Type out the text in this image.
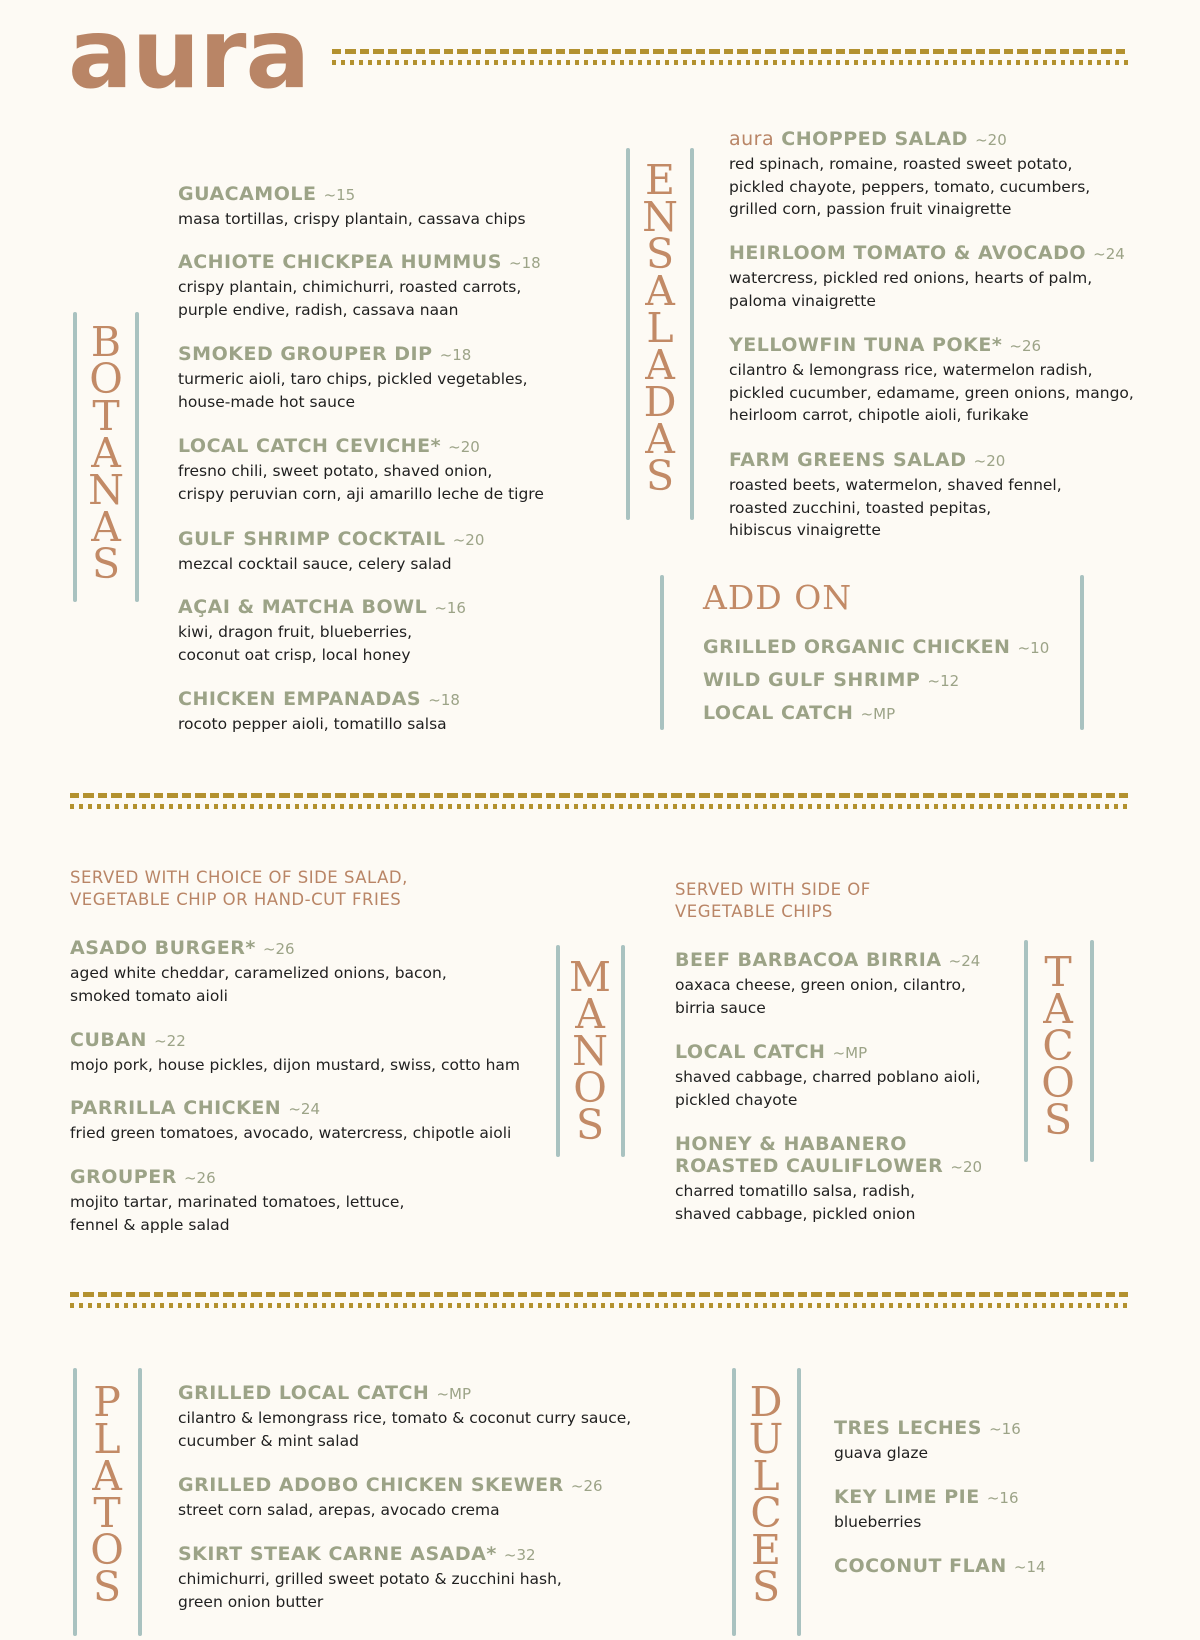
aura
B
O
T
A
N
A
S
GUACAMOLE ~15
masa tortillas, crispy plantain, cassava chips
ACHIOTE CHICKPEA HUMMUS ~18
crispy plantain, chimichurri, roasted carrots,
purple endive, radish, cassava naan
SMOKED GROUPER DIP ~18
turmeric aioli, taro chips, pickled vegetables,
house-made hot sauce
LOCAL CATCH CEVICHE* ~20
fresno chili, sweet potato, shaved onion,
crispy peruvian corn, aji amarillo leche de tigre
GULF SHRIMP COCKTAIL ~20
mezcal cocktail sauce, celery salad
AÇAI & MATCHA BOWL ~16
kiwi, dragon fruit, blueberries,
coconut oat crisp, local honey
CHICKEN EMPANADAS ~18
rocoto pepper aioli, tomatillo salsa
E
N
S
A
L
A
D
A
S
aura CHOPPED SALAD ~20
red spinach, romaine, roasted sweet potato,
pickled chayote, peppers, tomato, cucumbers,
grilled corn, passion fruit vinaigrette
HEIRLOOM TOMATO & AVOCADO ~24
watercress, pickled red onions, hearts of palm,
paloma vinaigrette
YELLOWFIN TUNA POKE* ~26
cilantro & lemongrass rice, watermelon radish,
pickled cucumber, edamame, green onions, mango,
heirloom carrot, chipotle aioli, furikake
FARM GREENS SALAD ~20
roasted beets, watermelon, shaved fennel,
roasted zucchini, toasted pepitas,
hibiscus vinaigrette
ADD ON
GRILLED ORGANIC CHICKEN ~10
WILD GULF SHRIMP ~12
LOCAL CATCH ~MP
SERVED WITH CHOICE OF SIDE SALAD,
VEGETABLE CHIP OR HAND-CUT FRIES
ASADO BURGER* ~26
aged white cheddar, caramelized onions, bacon,
smoked tomato aioli
CUBAN ~22
mojo pork, house pickles, dijon mustard, swiss, cotto ham
PARRILLA CHICKEN ~24
fried green tomatoes, avocado, watercress, chipotle aioli
GROUPER ~26
mojito tartar, marinated tomatoes, lettuce,
fennel & apple salad
M
A
N
O
S
SERVED WITH SIDE OF
VEGETABLE CHIPS
BEEF BARBACOA BIRRIA ~24
oaxaca cheese, green onion, cilantro,
birria sauce
LOCAL CATCH ~MP
shaved cabbage, charred poblano aioli,
pickled chayote
HONEY & HABANERO
ROASTED CAULIFLOWER ~20
charred tomatillo salsa, radish,
shaved cabbage, pickled onion
T
A
C
O
S
P
L
A
T
O
S
GRILLED LOCAL CATCH ~MP
cilantro & lemongrass rice, tomato & coconut curry sauce,
cucumber & mint salad
GRILLED ADOBO CHICKEN SKEWER ~26
street corn salad, arepas, avocado crema
SKIRT STEAK CARNE ASADA* ~32
chimichurri, grilled sweet potato & zucchini hash,
green onion butter
D
U
L
C
E
S
TRES LECHES ~16
guava glaze
KEY LIME PIE ~16
blueberries
COCONUT FLAN ~14
